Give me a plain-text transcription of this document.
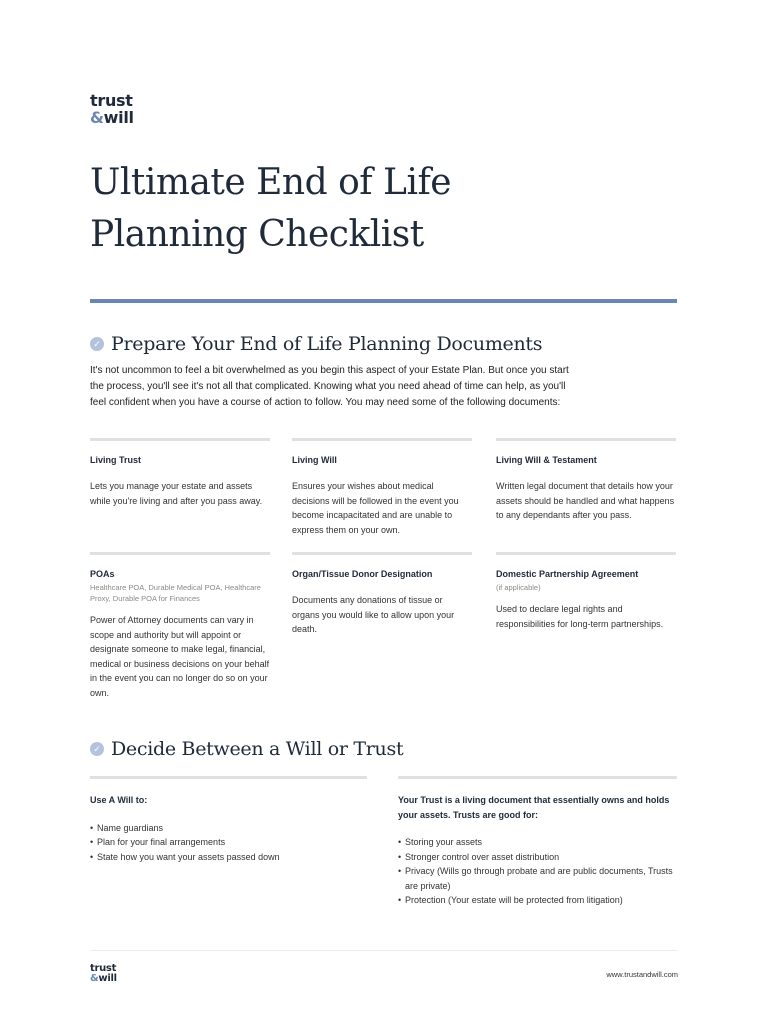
trust
&will
Ultimate End of Life
Planning Checklist
✓ Prepare Your End of Life Planning Documents

It's not uncommon to feel a bit overwhelmed as you begin this aspect of your Estate Plan. But once you start the process, you'll see it's not all that complicated. Knowing what you need ahead of time can help, as you'll feel confident when you have a course of action to follow. You may need some of the following documents:

Living Trust
Lets you manage your estate and assets while you're living and after you pass away.
Living Will
Ensures your wishes about medical decisions will be followed in the event you become incapacitated and are unable to express them on your own.
Living Will & Testament
Written legal document that details how your assets should be handled and what happens to any dependants after you pass.
POAs
Healthcare POA, Durable Medical POA, Healthcare Proxy, Durable POA for Finances
Power of Attorney documents can vary in scope and authority but will appoint or designate someone to make legal, financial, medical or business decisions on your behalf in the event you can no longer do so on your own.
Organ/Tissue Donor Designation
Documents any donations of tissue or organs you would like to allow upon your death.
Domestic Partnership Agreement
(if applicable)
Used to declare legal rights and responsibilities for long-term partnerships.
✓ Decide Between a Will or Trust
Use A Will to:
• Name guardians
• Plan for your final arrangements
• State how you want your assets passed down
Your Trust is a living document that essentially owns and holds your assets. Trusts are good for:
• Storing your assets
• Stronger control over asset distribution
• Privacy (Wills go through probate and are public documents, Trusts are private)
• Protection (Your estate will be protected from litigation)
trust
&will	www.trustandwill.com
